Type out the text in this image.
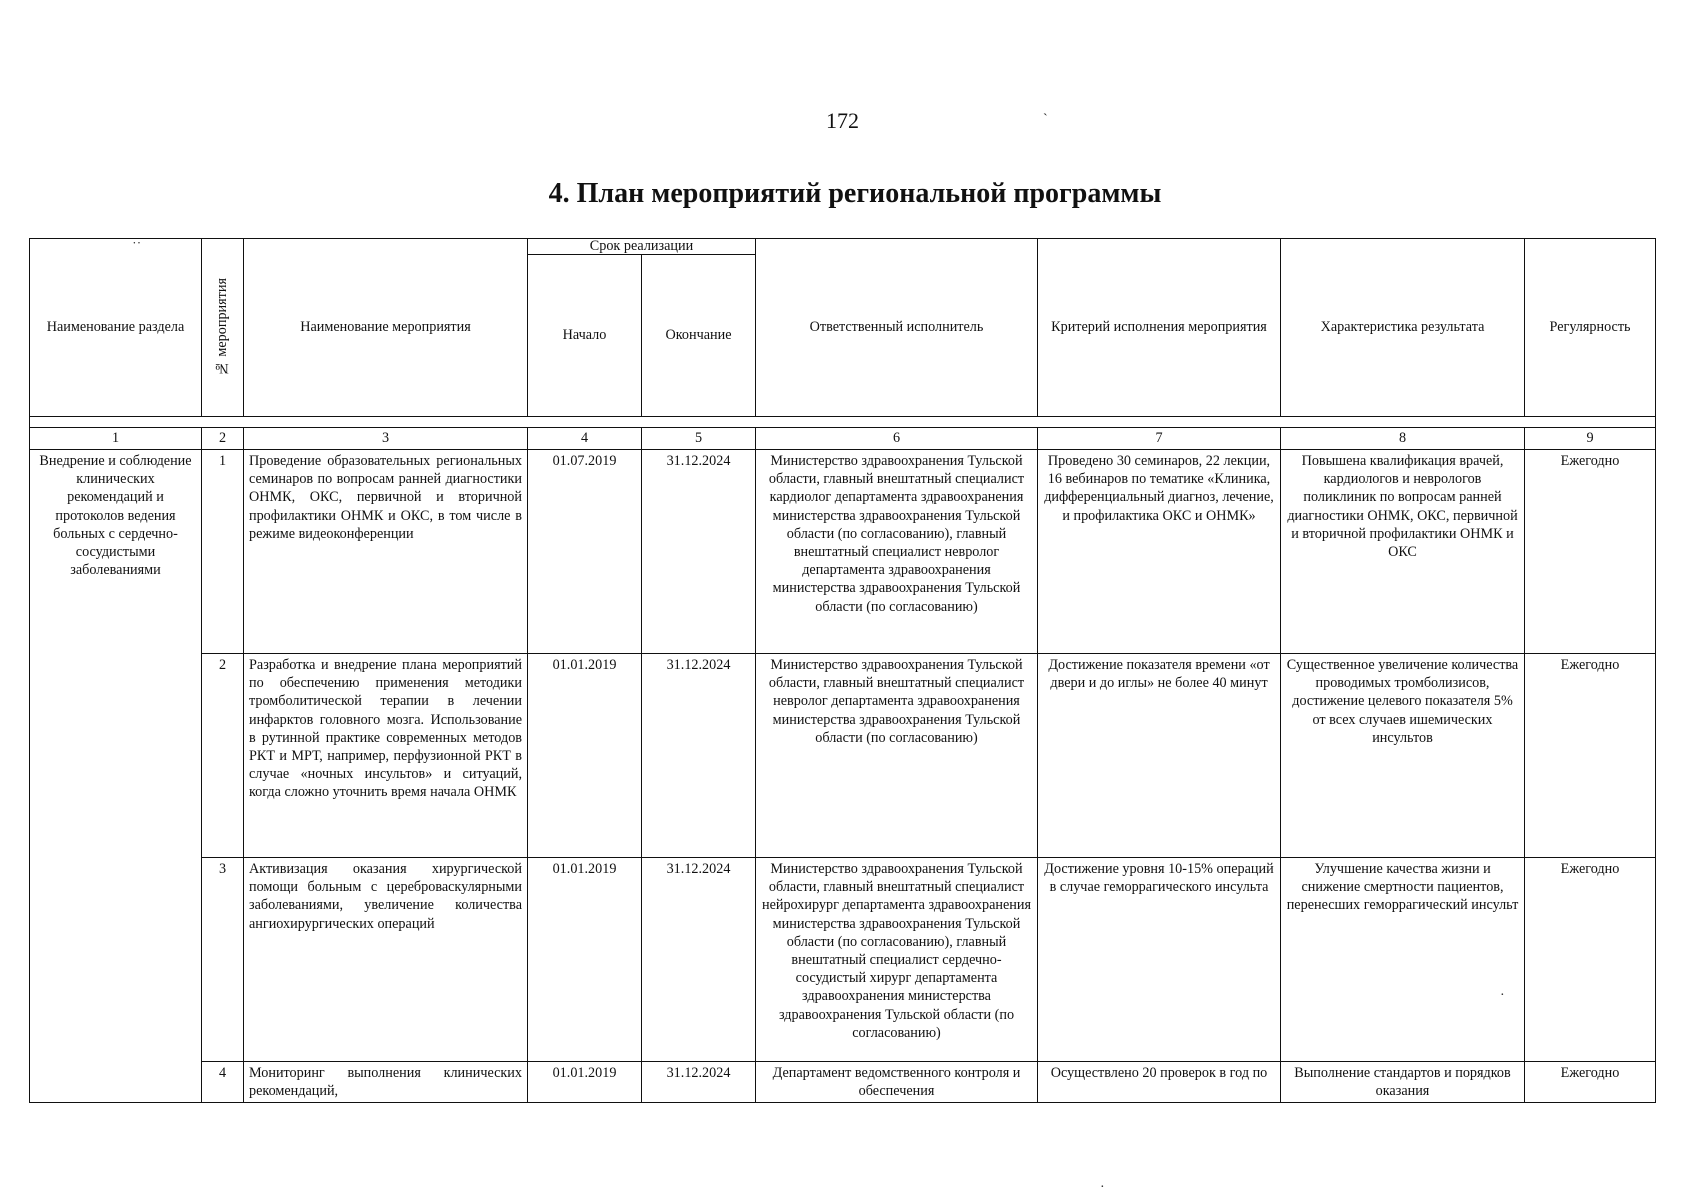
172
4. План мероприятий региональной программы
ˋ
˙˙
·
·
Наименование раздела	№ мероприятия	Наименование мероприятия	Срок реализации		Ответственный исполнитель	Критерий исполнения мероприятия	Характеристика результата	Регулярность
			Начало	Окончание				

1	2	3	4	5	6	7	8	9
Внедрение и соблюдение клинических рекомендаций и протоколов ведения больных с сердечно-сосудистыми заболеваниями	1	Проведение образовательных региональных семинаров по вопросам ранней диагностики ОНМК, ОКС, первичной и вторичной профилактики ОНМК и ОКС, в том числе в режиме видеоконференции	01.07.2019	31.12.2024	Министерство здравоохранения Тульской области, главный внештатный специалист кардиолог департамента здравоохранения министерства здравоохранения Тульской области (по согласованию), главный внештатный специалист невролог департамента здравоохранения министерства здравоохранения Тульской области (по согласованию)	Проведено 30 семинаров, 22 лекции, 16 вебинаров по тематике «Клиника, дифференциальный диагноз, лечение, и профилактика ОКС и ОНМК»	Повышена квалификация врачей, кардиологов и неврологов поликлиник по вопросам ранней диагностики ОНМК, ОКС, первичной и вторичной профилактики ОНМК и ОКС	Ежегодно
	2	Разработка и внедрение плана мероприятий по обеспечению применения методики тромболитической терапии в лечении инфарктов головного мозга. Использование в рутинной практике современных методов РКТ и МРТ, например, перфузионной РКТ в случае «ночных инсультов» и ситуаций, когда сложно уточнить время начала ОНМК	01.01.2019	31.12.2024	Министерство здравоохранения Тульской области, главный внештатный специалист невролог департамента здравоохранения министерства здравоохранения Тульской области (по согласованию)	Достижение показателя времени «от двери и до иглы» не более 40 минут	Существенное увеличение количества проводимых тромболизисов, достижение целевого показателя 5% от всех случаев ишемических инсультов	Ежегодно
	3	Активизация оказания хирургической помощи больным с цереброваскулярными заболеваниями, увеличение количества ангиохирургических операций	01.01.2019	31.12.2024	Министерство здравоохранения Тульской области, главный внештатный специалист нейрохирург департамента здравоохранения министерства здравоохранения Тульской области (по согласованию), главный внештатный специалист сердечно-сосудистый хирург департамента здравоохранения министерства здравоохранения Тульской области (по согласованию)	Достижение уровня 10-15% операций в случае геморрагического инсульта	Улучшение качества жизни и снижение смертности пациентов, перенесших геморрагический инсульт	Ежегодно
	4	Мониторинг выполнения клинических рекомендаций,	01.01.2019	31.12.2024	Департамент ведомственного контроля и обеспечения	Осуществлено 20 проверок в год по	Выполнение стандартов и порядков оказания	Ежегодно
